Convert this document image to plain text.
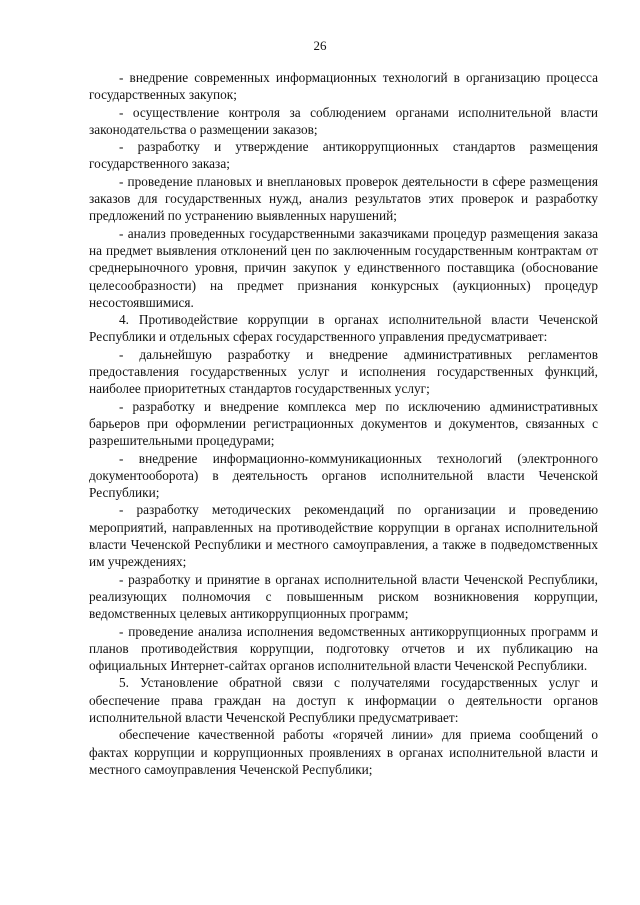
26

- внедрение современных информационных технологий в организацию процесса государственных закупок;

- осуществление контроля за соблюдением органами исполнительной власти законодательства о размещении заказов;

- разработку и утверждение антикоррупционных стандартов размещения государственного заказа;

- проведение плановых и внеплановых проверок деятельности в сфере размещения заказов для государственных нужд, анализ результатов этих проверок и разработку предложений по устранению выявленных нарушений;

- анализ проведенных государственными заказчиками процедур размещения заказа на предмет выявления отклонений цен по заключенным государственным контрактам от среднерыночного уровня, причин закупок у единственного поставщика (обоснование целесообразности) на предмет признания конкурсных (аукционных) процедур несостоявшимися.

4. Противодействие коррупции в органах исполнительной власти Чеченской Республики и отдельных сферах государственного управления предусматривает:

- дальнейшую разработку и внедрение административных регламентов предоставления государственных услуг и исполнения государственных функций, наиболее приоритетных стандартов государственных услуг;

- разработку и внедрение комплекса мер по исключению административных барьеров при оформлении регистрационных документов и документов, связанных с разрешительными процедурами;

- внедрение информационно-коммуникационных технологий (электронного документооборота) в деятельность органов исполнительной власти Чеченской Республики;

- разработку методических рекомендаций по организации и проведению мероприятий, направленных на противодействие коррупции в органах исполнительной власти Чеченской Республики и местного самоуправления, а также в подведомственных им учреждениях;

- разработку и принятие в органах исполнительной власти Чеченской Республики, реализующих полномочия с повышенным риском возникновения коррупции, ведомственных целевых антикоррупционных программ;

- проведение анализа исполнения ведомственных антикоррупционных программ и планов противодействия коррупции, подготовку отчетов и их публикацию на официальных Интернет-сайтах органов исполнительной власти Чеченской Республики.

5. Установление обратной связи с получателями государственных услуг и обеспечение права граждан на доступ к информации о деятельности органов исполнительной власти Чеченской Республики предусматривает:

обеспечение качественной работы «горячей линии» для приема сообщений о фактах коррупции и коррупционных проявлениях в органах исполнительной власти и местного самоуправления Чеченской Республики;
